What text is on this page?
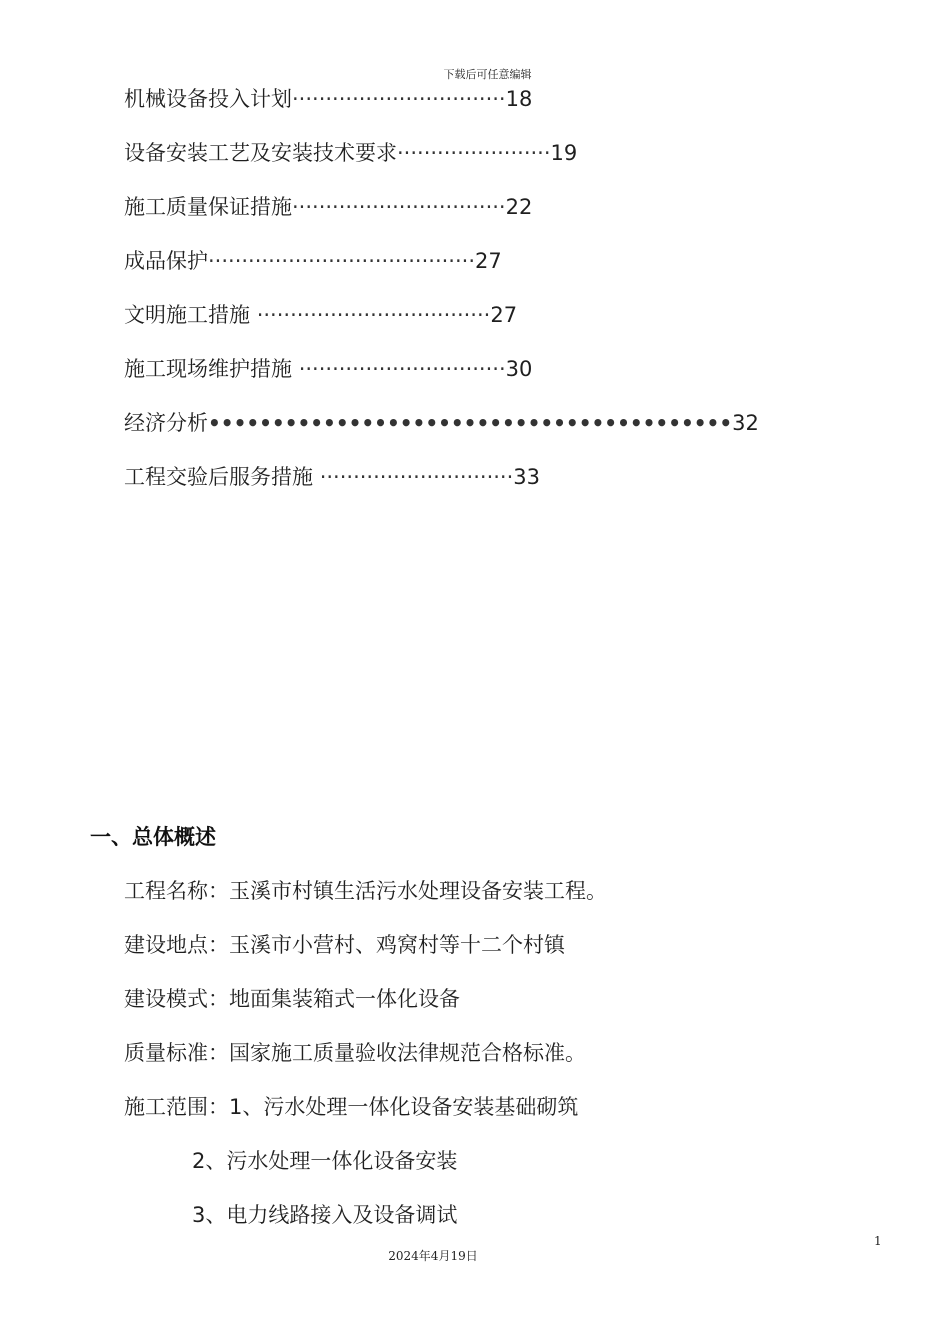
下载后可任意编辑
机械设备投入计划································18
设备安装工艺及安装技术要求·······················19
施工质量保证措施································22
成品保护········································27
文明施工措施 ···································27
施工现场维护措施 ·······························30
经济分析•••••••••••••••••••••••••••••••••••••••••32
工程交验后服务措施 ·····························33
一、总体概述
工程名称：玉溪市村镇生活污水处理设备安装工程。
建设地点：玉溪市小营村、鸡窝村等十二个村镇
建设模式：地面集装箱式一体化设备
质量标准：国家施工质量验收法律规范合格标准。
施工范围：1、污水处理一体化设备安装基础砌筑
2、污水处理一体化设备安装
3、电力线路接入及设备调试
1
2024年4月19日
